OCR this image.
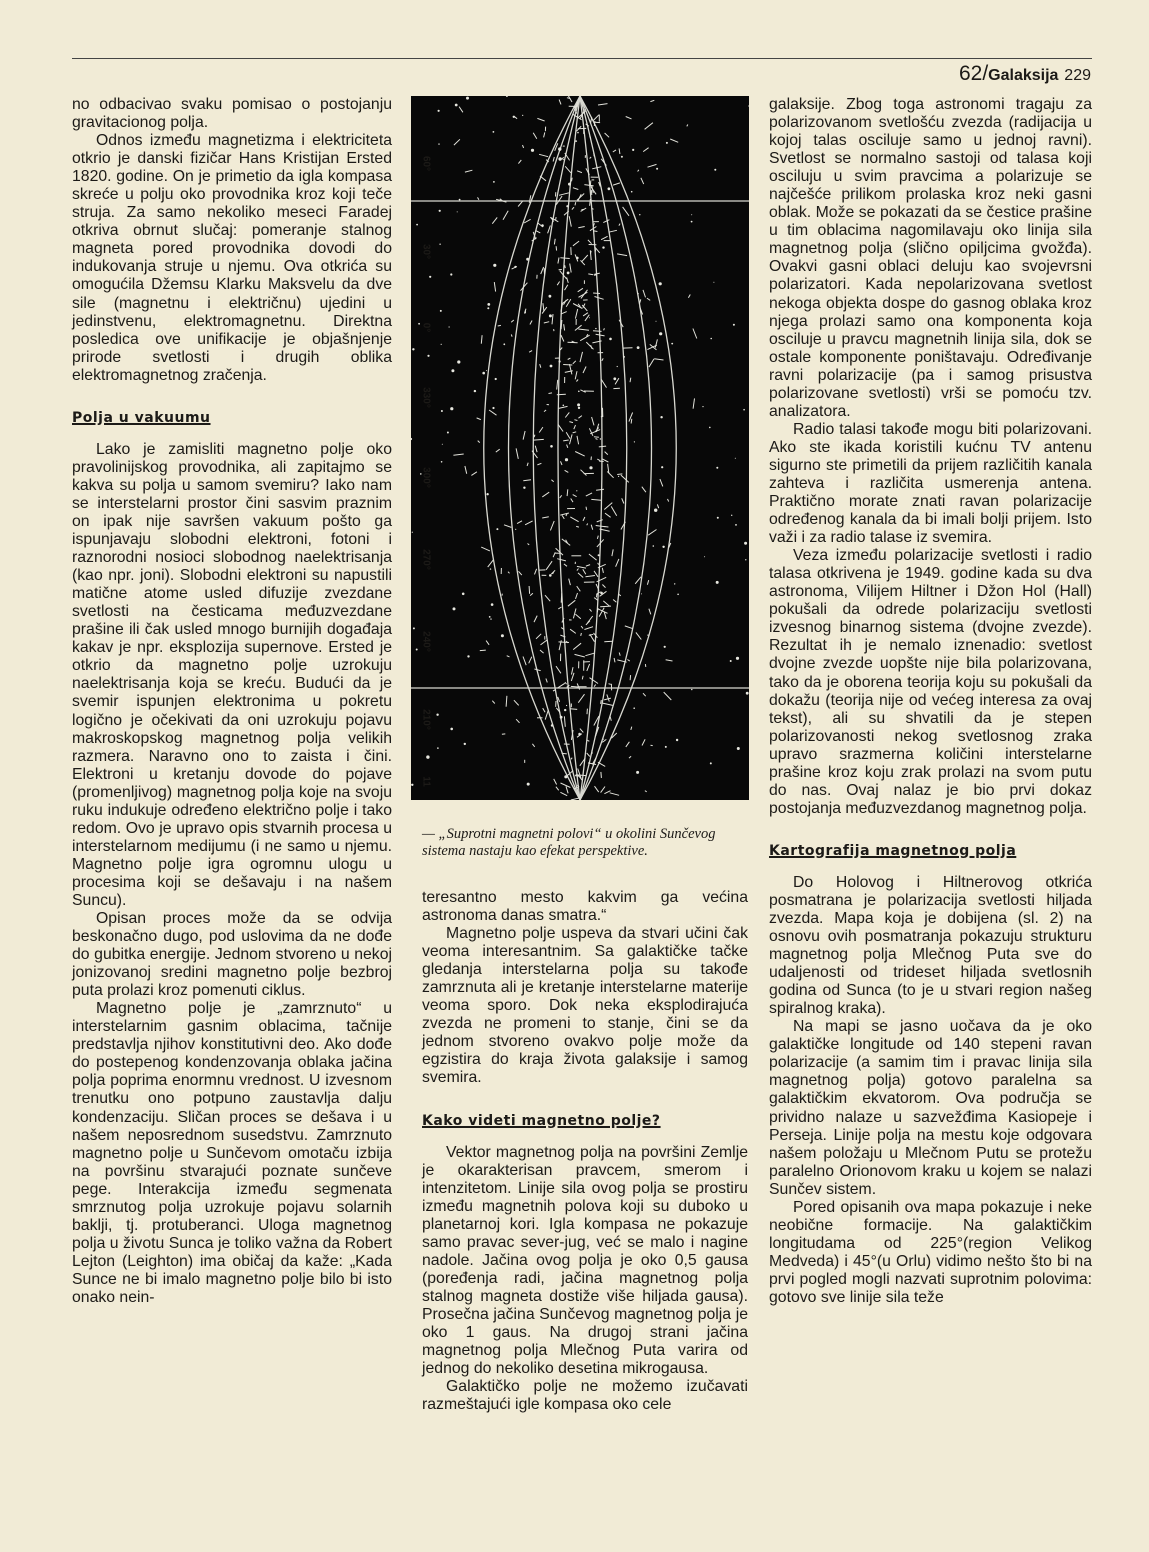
62/Galaksija 229

no odbacivao svaku pomisao o postojanju gravitacionog polja.

Odnos između magnetizma i elektriciteta otkrio je danski fizičar Hans Kristijan Ersted 1820. godine. On je primetio da igla kompasa skreće u polju oko provodnika kroz koji teče struja. Za samo nekoliko meseci Faradej otkriva obrnut slučaj: pomeranje stalnog magneta pored provodnika dovodi do indukovanja struje u njemu. Ova otkrića su omogućila Džemsu Klarku Maksvelu da dve sile (magnetnu i električnu) ujedini u jedinstvenu, elektromagnetnu. Direktna posledica ove unifikacije je objašnjenje prirode svetlosti i drugih oblika elektromagnetnog zračenja.

Polja u vakuumu

Lako je zamisliti magnetno polje oko pravolinijskog provodnika, ali zapitajmo se kakva su polja u samom svemiru? Iako nam se interstelarni prostor čini sasvim praznim on ipak nije savršen vakuum pošto ga ispunjavaju slobodni elektroni, fotoni i raznorodni nosioci slobodnog naelektrisanja (kao npr. joni). Slobodni elektroni su napustili matične atome usled difuzije zvezdane svetlosti na česticama međuzvezdane prašine ili čak usled mnogo burnijih događaja kakav je npr. eksplozija supernove. Ersted je otkrio da magnetno polje uzrokuju naelektrisanja koja se kreću. Budući da je svemir ispunjen elektronima u pokretu logično je očekivati da oni uzrokuju pojavu makroskopskog magnetnog polja velikih razmera. Naravno ono to zaista i čini. Elektroni u kretanju dovode do pojave (promenljivog) magnetnog polja koje na svoju ruku indukuje određeno električno polje i tako redom. Ovo je upravo opis stvarnih procesa u interstelarnom medijumu (i ne samo u njemu. Magnetno polje igra ogromnu ulogu u procesima koji se dešavaju i na našem Suncu).

Opisan proces može da se odvija beskonačno dugo, pod uslovima da ne dođe do gubitka energije. Jednom stvoreno u nekoj jonizovanoj sredini magnetno polje bezbroj puta prolazi kroz pomenuti ciklus.

Magnetno polje je „zamrznuto“ u interstelarnim gasnim oblacima, tačnije predstavlja njihov konstitutivni deo. Ako dođe do postepenog kondenzovanja oblaka jačina polja poprima enormnu vrednost. U izvesnom trenutku ono potpuno zaustavlja dalju kondenzaciju. Sličan proces se dešava i u našem neposrednom susedstvu. Zamrznuto magnetno polje u Sunčevom omotaču izbija na površinu stvarajući poznate sunčeve pege. Interakcija između segmenata smrznutog polja uzrokuje pojavu solarnih baklji, tj. protuberanci. Uloga magnetnog polja u životu Sunca je toliko važna da Robert Lejton (Leighton) ima običaj da kaže: „Kada Sunce ne bi imalo magnetno polje bilo bi isto onako nein-

60°
30°
0°
330°
300°
270°
240°
210°
11
— „Suprotni magnetni polovi“ u okolini Sunčevog sistema nastaju kao efekat perspektive.

teresantno mesto kakvim ga većina astronoma danas smatra.“

Magnetno polje uspeva da stvari učini čak veoma interesantnim. Sa galaktičke tačke gledanja interstelarna polja su takođe zamrznuta ali je kretanje interstelarne materije veoma sporo. Dok neka eksplodirajuća zvezda ne promeni to stanje, čini se da jednom stvoreno ovakvo polje može da egzistira do kraja života galaksije i samog svemira.

Kako videti magnetno polje?

Vektor magnetnog polja na površini Zemlje je okarakterisan pravcem, smerom i intenzitetom. Linije sila ovog polja se prostiru između magnetnih polova koji su duboko u planetarnoj kori. Igla kompasa ne pokazuje samo pravac sever-jug, već se malo i nagine nadole. Jačina ovog polja je oko 0,5 gausa (poređenja radi, jačina magnetnog polja stalnog magneta dostiže više hiljada gausa). Prosečna jačina Sunčevog magnetnog polja je oko 1 gaus. Na drugoj strani jačina magnetnog polja Mlečnog Puta varira od jednog do nekoliko desetina mikrogausa.

Galaktičko polje ne možemo izučavati razmeštajući igle kompasa oko cele

galaksije. Zbog toga astronomi tragaju za polarizovanom svetlošću zvezda (radijacija u kojoj talas osciluje samo u jednoj ravni). Svetlost se normalno sastoji od talasa koji osciluju u svim pravcima a polarizuje se najčešće prilikom prolaska kroz neki gasni oblak. Može se pokazati da se čestice prašine u tim oblacima nagomilavaju oko linija sila magnetnog polja (slično opiljcima gvožđa). Ovakvi gasni oblaci deluju kao svojevrsni polarizatori. Kada nepolarizovana svetlost nekoga objekta dospe do gasnog oblaka kroz njega prolazi samo ona komponenta koja osciluje u pravcu magnetnih linija sila, dok se ostale komponente poništavaju. Određivanje ravni polarizacije (pa i samog prisustva polarizovane svetlosti) vrši se pomoću tzv. analizatora.

Radio talasi takođe mogu biti polarizovani. Ako ste ikada koristili kućnu TV antenu sigurno ste primetili da prijem različitih kanala zahteva i različita usmerenja antena. Praktično morate znati ravan polarizacije određenog kanala da bi imali bolji prijem. Isto važi i za radio talase iz svemira.

Veza između polarizacije svetlosti i radio talasa otkrivena je 1949. godine kada su dva astronoma, Vilijem Hiltner i Džon Hol (Hall) pokušali da odrede polarizaciju svetlosti izvesnog binarnog sistema (dvojne zvezde). Rezultat ih je nemalo iznenadio: svetlost dvojne zvezde uopšte nije bila polarizovana, tako da je oborena teorija koju su pokušali da dokažu (teorija nije od većeg interesa za ovaj tekst), ali su shvatili da je stepen polarizovanosti nekog svetlosnog zraka upravo srazmerna količini interstelarne prašine kroz koju zrak prolazi na svom putu do nas. Ovaj nalaz je bio prvi dokaz postojanja međuzvezdanog magnetnog polja.

Kartografija magnetnog polja

Do Holovog i Hiltnerovog otkrića posmatrana je polarizacija svetlosti hiljada zvezda. Mapa koja je dobijena (sl. 2) na osnovu ovih posmatranja pokazuju strukturu magnetnog polja Mlečnog Puta sve do udaljenosti od trideset hiljada svetlosnih godina od Sunca (to je u stvari region našeg spiralnog kraka).

Na mapi se jasno uočava da je oko galaktičke longitude od 140 stepeni ravan polarizacije (a samim tim i pravac linija sila magnetnog polja) gotovo paralelna sa galaktičkim ekvatorom. Ova područja se prividno nalaze u sazvežđima Kasiopeje i Perseja. Linije polja na mestu koje odgovara našem položaju u Mlečnom Putu se protežu paralelno Orionovom kraku u kojem se nalazi Sunčev sistem.

Pored opisanih ova mapa pokazuje i neke neobične formacije. Na galaktičkim longitudama od 225°(region Velikog Medveda) i 45°(u Orlu) vidimo nešto što bi na prvi pogled mogli nazvati suprotnim polovima: gotovo sve linije sila teže
